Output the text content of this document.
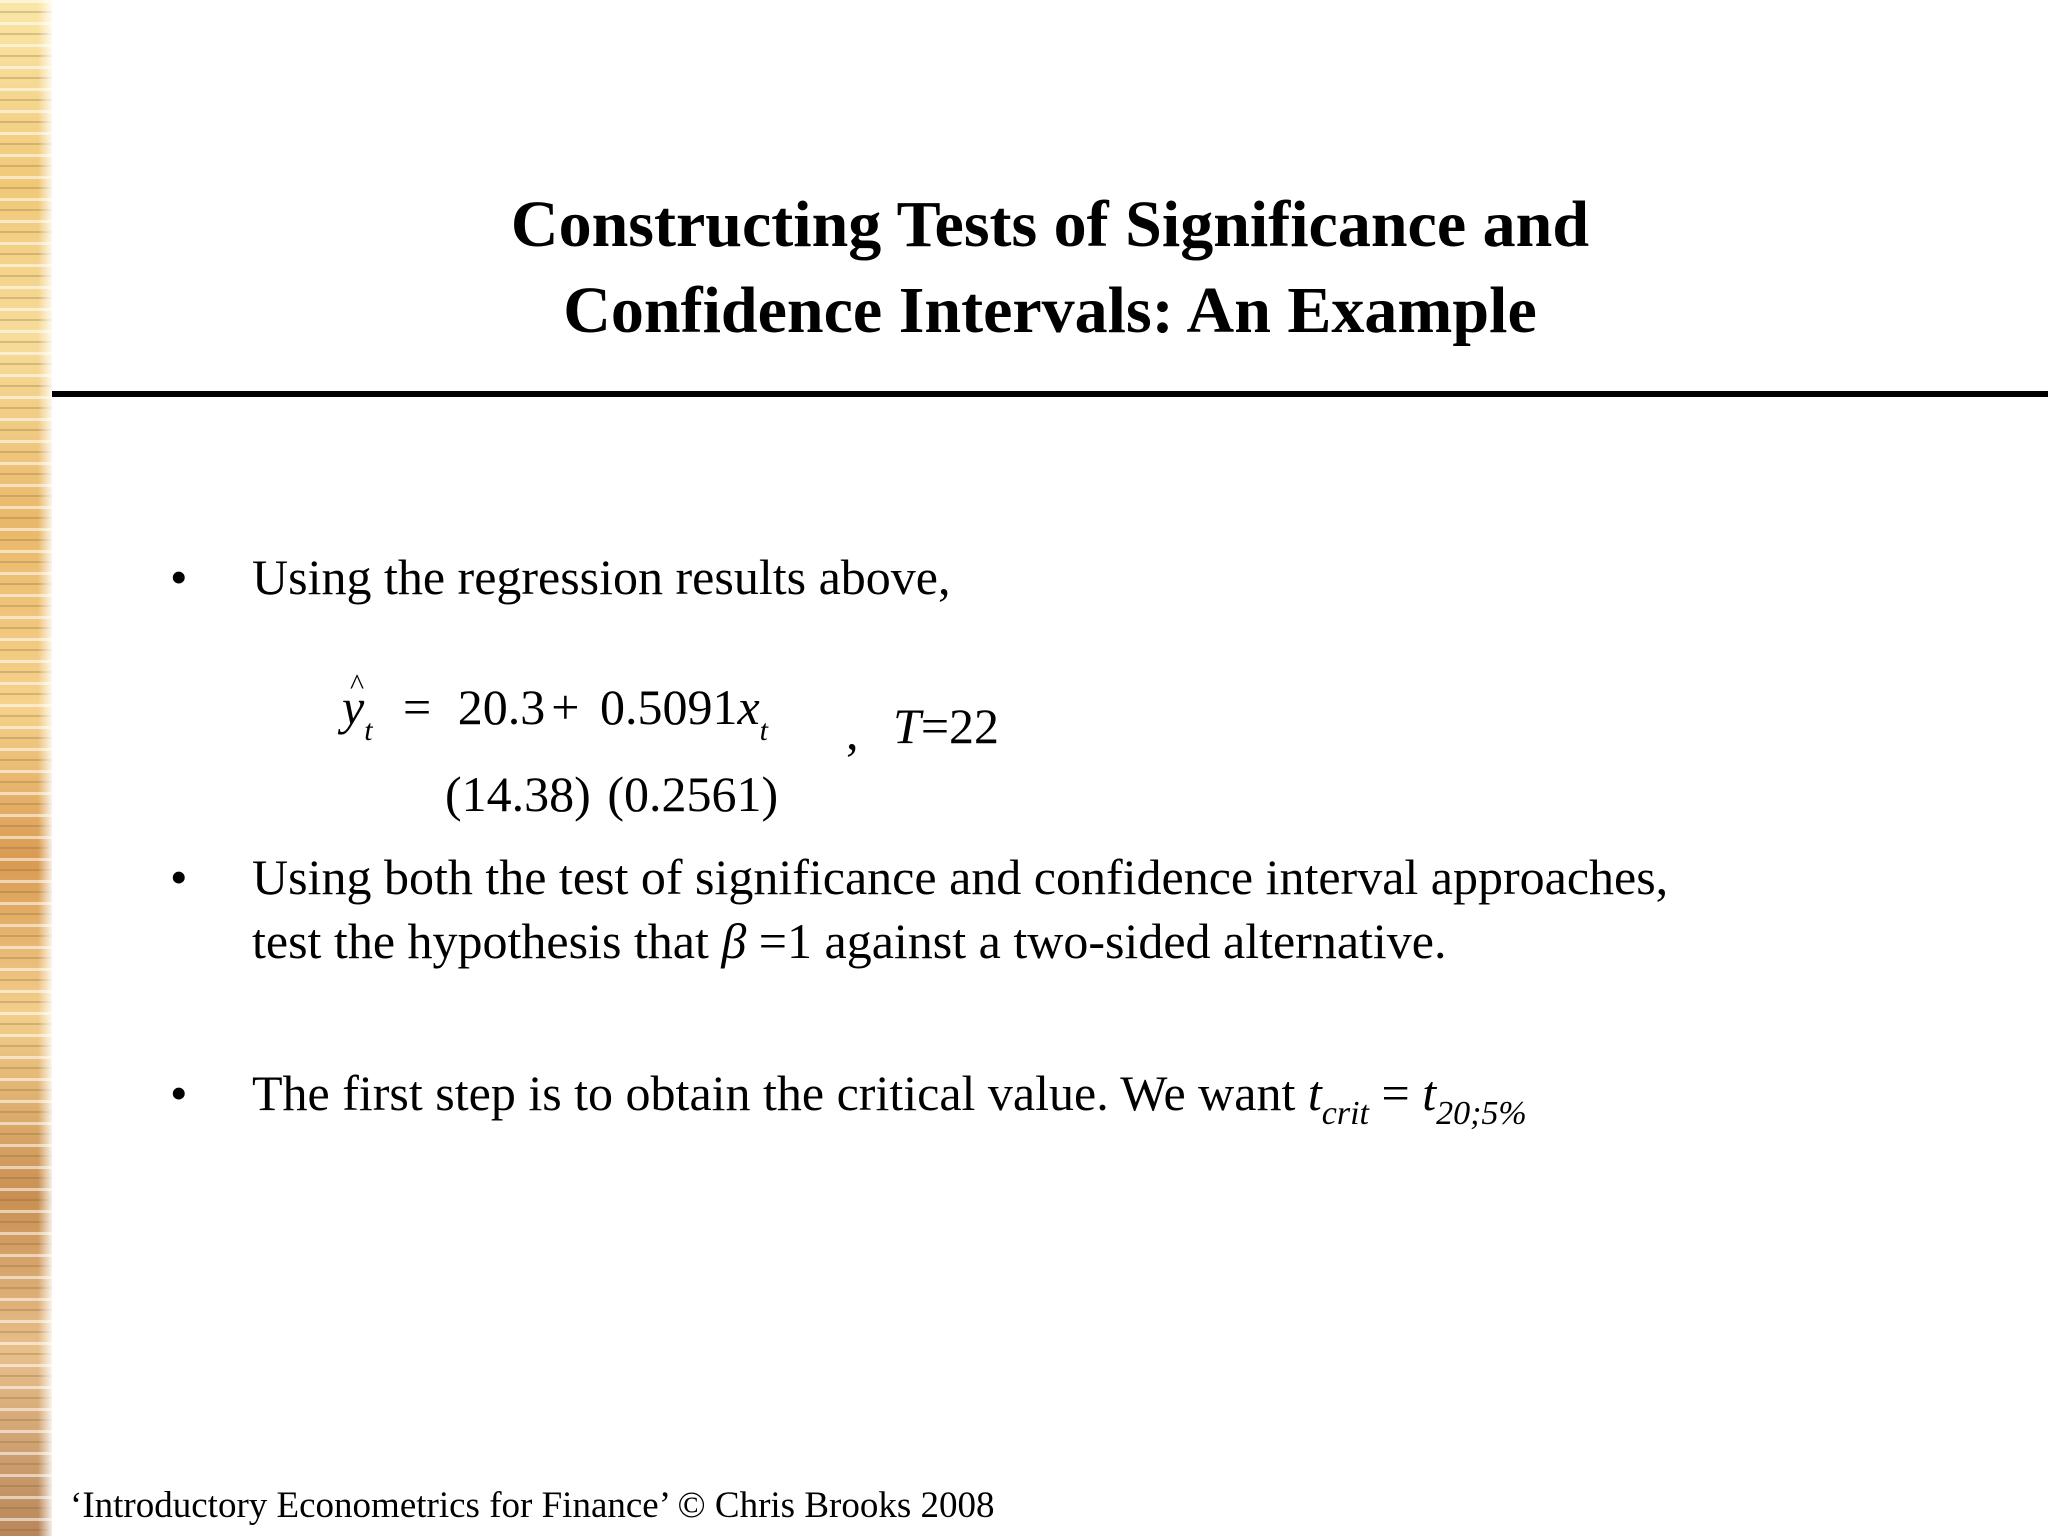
Constructing Tests of Significance and
Confidence Intervals: An Example
• Using the regression results above,
^ $y_t = 20.3 + 0.5091x_t$ , T=22
(14.38) (0.2561)
• Using both the test of significance and confidence interval approaches,
test the hypothesis that β =1 against a two-sided alternative.
• The first step is to obtain the critical value. We want $t_{crit} = t_{20;5\%}$
‘Introductory Econometrics for Finance’ © Chris Brooks 2008
